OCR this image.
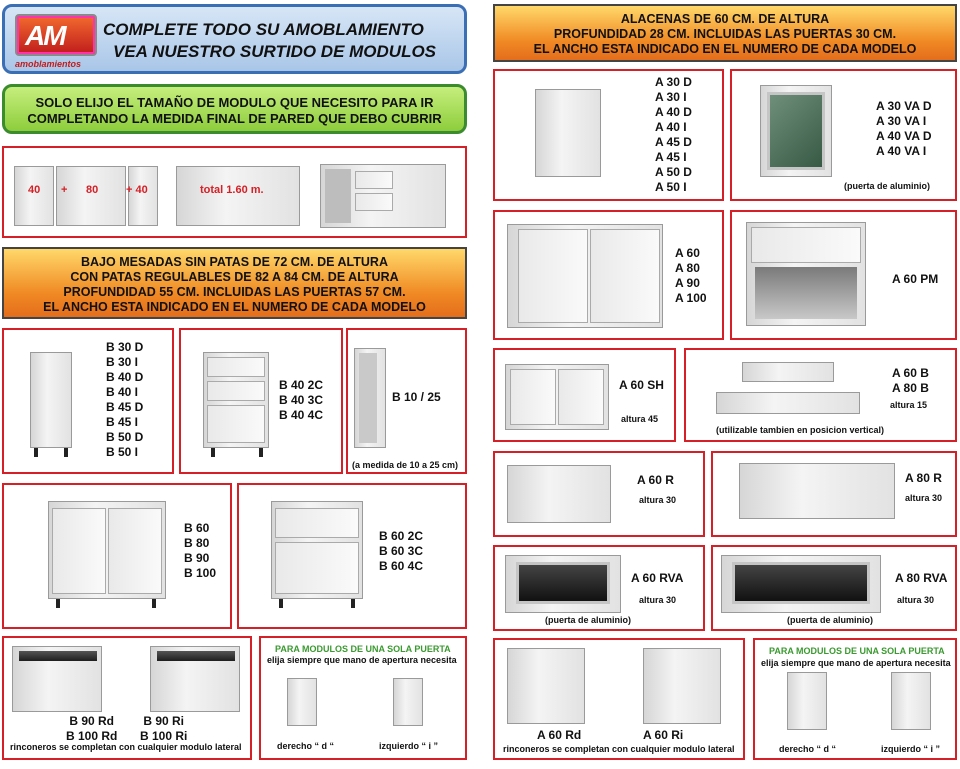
AM
amoblamientos
COMPLETE TODO SU AMOBLAMIENTO
VEA NUESTRO SURTIDO DE MODULOS
SOLO ELIJO EL TAMAÑO DE MODULO QUE NECESITO PARA IR
COMPLETANDO LA MEDIDA FINAL DE PARED QUE DEBO CUBRIR
40 + 80	+ 40	total 1.60 m.
BAJO MESADAS SIN PATAS DE 72 CM. DE ALTURA
CON PATAS REGULABLES DE 82 A 84 CM. DE ALTURA
PROFUNDIDAD 55 CM. INCLUIDAS LAS PUERTAS 57 CM.
EL ANCHO ESTA INDICADO EN EL NUMERO DE CADA MODELO
B 30 D
B 30 I
B 40 D
B 40 I
B 45 D
B 45 I
B 50 D
B 50 I
B 40 2C
B 40 3C
B 40 4C
B 10 / 25
(a medida de 10 a 25 cm)
B 60
B 80
B 90
B 100
B 60 2C
B 60 3C
B 60 4C
B 90 Rd
B 100 Rd
B 90 Ri
B 100 Ri
rinconeros se completan con cualquier modulo lateral
PARA MODULOS DE UNA SOLA PUERTA
elija siempre que mano de apertura necesita
derecho “ d “	izquierdo “ i ”
ALACENAS DE 60 CM. DE ALTURA
PROFUNDIDAD 28 CM. INCLUIDAS LAS PUERTAS 30 CM.
EL ANCHO ESTA INDICADO EN EL NUMERO DE CADA MODELO
A 30 D
A 30 I
A 40 D
A 40 I
A 45 D
A 45 I
A 50 D
A 50 I
A 30 VA D
A 30 VA I
A 40 VA D
A 40 VA I
(puerta de aluminio)
A 60
A 80
A 90
A 100
A 60 PM
A 60 SH
altura 45
A 60 B
A 80 B
altura 15
(utilizable tambien en posicion vertical)
A 60 R
altura 30
A 80 R
altura 30
A 60 RVA
altura 30
(puerta de aluminio)
A 80 RVA
altura 30
(puerta de aluminio)
A 60 Rd	A 60 Ri
rinconeros se completan con cualquier modulo lateral
PARA MODULOS DE UNA SOLA PUERTA
elija siempre que mano de apertura necesita
derecho “ d “	izquierdo “ i ”
